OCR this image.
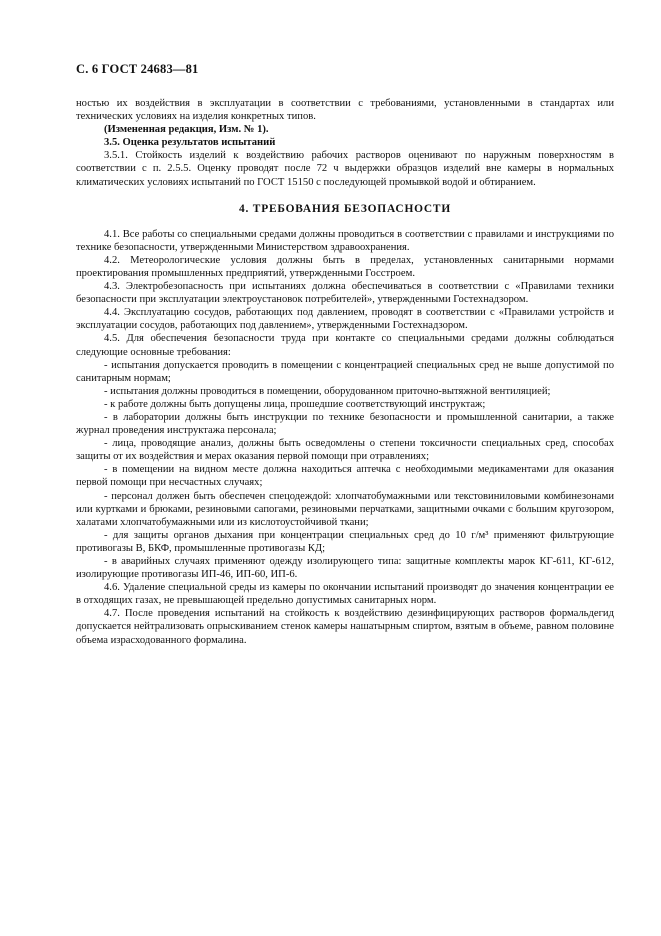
С. 6 ГОСТ 24683—81

ностью их воздействия в эксплуатации в соответствии с требованиями, установленными в стандартах или технических условиях на изделия конкретных типов.

(Измененная редакция, Изм. № 1).

3.5. Оценка результатов испытаний

3.5.1. Стойкость изделий к воздействию рабочих растворов оценивают по наружным поверхностям в соответствии с п. 2.5.5. Оценку проводят после 72 ч выдержки образцов изделий вне камеры в нормальных климатических условиях испытаний по ГОСТ 15150 с последующей промывкой водой и обтиранием.

4. ТРЕБОВАНИЯ БЕЗОПАСНОСТИ

4.1. Все работы со специальными средами должны проводиться в соответствии с правилами и инструкциями по технике безопасности, утвержденными Министерством здравоохранения.

4.2. Метеорологические условия должны быть в пределах, установленных санитарными нормами проектирования промышленных предприятий, утвержденными Госстроем.

4.3. Электробезопасность при испытаниях должна обеспечиваться в соответствии с «Правилами техники безопасности при эксплуатации электроустановок потребителей», утвержденными Гостехнадзором.

4.4. Эксплуатацию сосудов, работающих под давлением, проводят в соответствии с «Правилами устройств и эксплуатации сосудов, работающих под давлением», утвержденными Гостехнадзором.

4.5. Для обеспечения безопасности труда при контакте со специальными средами должны соблюдаться следующие основные требования:

- испытания допускается проводить в помещении с концентрацией специальных сред не выше допустимой по санитарным нормам;

- испытания должны проводиться в помещении, оборудованном приточно-вытяжной вентиляцией;

- к работе должны быть допущены лица, прошедшие соответствующий инструктаж;

- в лаборатории должны быть инструкции по технике безопасности и промышленной санитарии, а также журнал проведения инструктажа персонала;

- лица, проводящие анализ, должны быть осведомлены о степени токсичности специальных сред, способах защиты от их воздействия и мерах оказания первой помощи при отравлениях;

- в помещении на видном месте должна находиться аптечка с необходимыми медикаментами для оказания первой помощи при несчастных случаях;

- персонал должен быть обеспечен спецодеждой: хлопчатобумажными или текстовиниловыми комбинезонами или куртками и брюками, резиновыми сапогами, резиновыми перчатками, защитными очками с большим кругозором, халатами хлопчатобумажными или из кислотоустойчивой ткани;

- для защиты органов дыхания при концентрации специальных сред до 10 г/м³ применяют фильтрующие противогазы В, БКФ, промышленные противогазы КД;

- в аварийных случаях применяют одежду изолирующего типа: защитные комплекты марок КГ-611, КГ-612, изолирующие противогазы ИП-46, ИП-60, ИП-6.

4.6. Удаление специальной среды из камеры по окончании испытаний производят до значения концентрации ее в отходящих газах, не превышающей предельно допустимых санитарных норм.

4.7. После проведения испытаний на стойкость к воздействию дезинфицирующих растворов формальдегид допускается нейтрализовать опрыскиванием стенок камеры нашатырным спиртом, взятым в объеме, равном половине объема израсходованного формалина.
